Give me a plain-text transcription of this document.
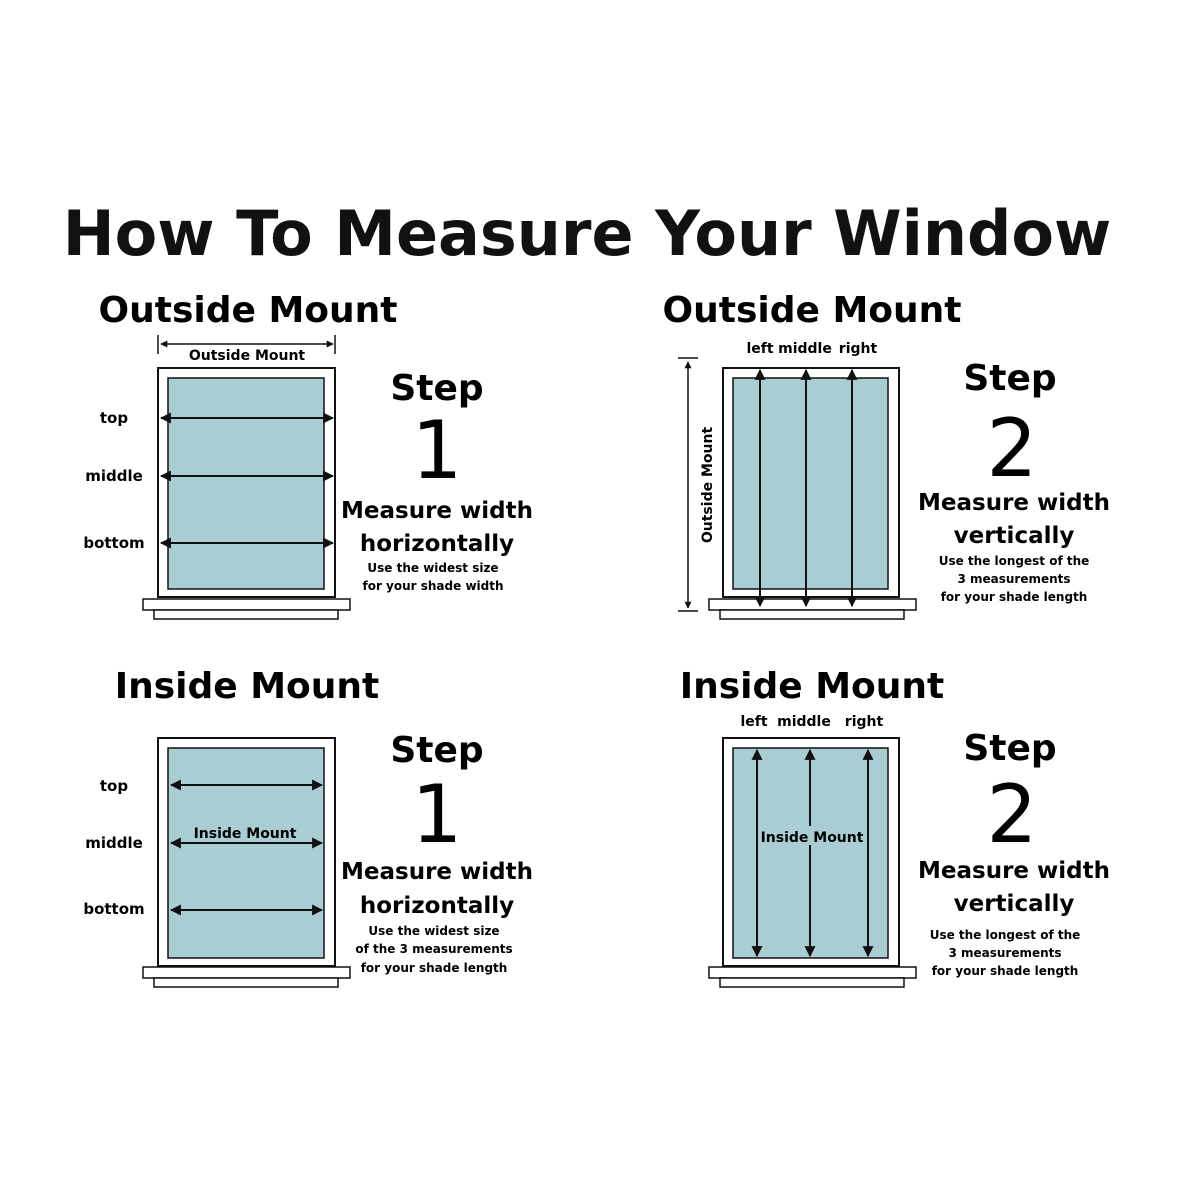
How To Measure Your Window
Outside Mount
Outside Mount
top
middle
bottom
Step
1
Measure width
horizontally
Use the widest size
for your shade width
Outside Mount
left middle right
Outside Mount
Step
2
Measure width
vertically
Use the longest of the
3 measurements
for your shade length
Inside Mount
Inside Mount
top
middle
bottom
Step
1
Measure width
horizontally
Use the widest size
of the 3 measurements
for your shade length
Inside Mount
left middle right
Inside Mount
Step
2
Measure width
vertically
Use the longest of the
3 measurements
for your shade length
